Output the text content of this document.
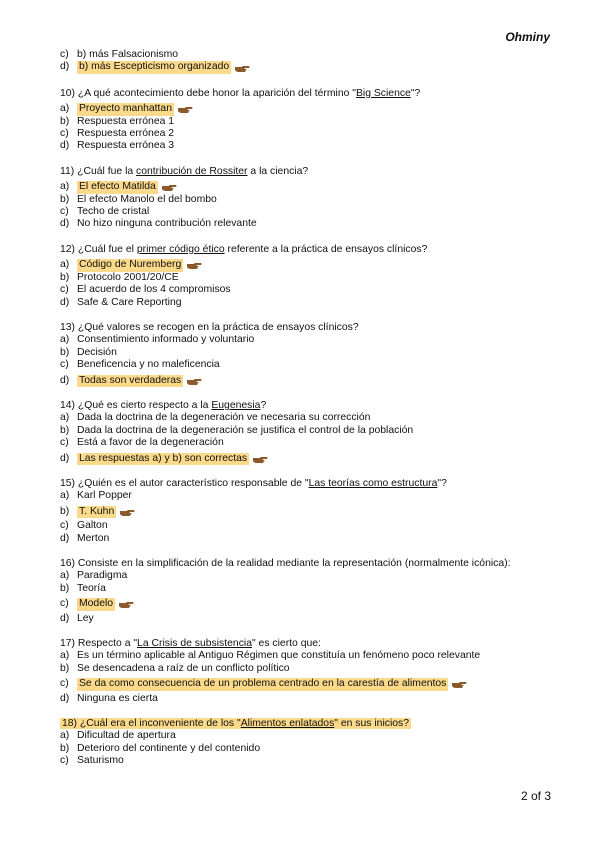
Ohminy
c) b) más Falsacionismo
d) b) más Escepticismo organizado
10) ¿A qué acontecimiento debe honor la aparición del término "Big Science"?
a) Proyecto manhattan
b) Respuesta errónea 1
c) Respuesta errónea 2
d) Respuesta errónea 3
11) ¿Cuál fue la contribución de Rossiter a la ciencia?
a) El efecto Matilda
b) El efecto Manolo el del bombo
c) Techo de cristal
d) No hizo ninguna contribución relevante
12) ¿Cuál fue el primer código ético referente a la práctica de ensayos clínicos?
a) Código de Nuremberg
b) Protocolo 2001/20/CE
c) El acuerdo de los 4 compromisos
d) Safe & Care Reporting
13) ¿Qué valores se recogen en la práctica de ensayos clínicos?
a) Consentimiento informado y voluntario
b) Decisión
c) Beneficencia y no maleficencia
d) Todas son verdaderas
14) ¿Qué es cierto respecto a la Eugenesia?
a) Dada la doctrina de la degeneración ve necesaria su corrección
b) Dada la doctrina de la degeneración se justifica el control de la población
c) Está a favor de la degeneración
d) Las respuestas a) y b) son correctas
15) ¿Quién es el autor característico responsable de "Las teorías como estructura"?
a) Karl Popper
b) T. Kuhn
c) Galton
d) Merton
16) Consiste en la simplificación de la realidad mediante la representación (normalmente icónica):
a) Paradigma
b) Teoría
c) Modelo
d) Ley
17) Respecto a "La Crisis de subsistencia" es cierto que:
a) Es un término aplicable al Antiguo Régimen que constituía un fenómeno poco relevante
b) Se desencadena a raíz de un conflicto político
c) Se da como consecuencia de un problema centrado en la carestía de alimentos
d) Ninguna es cierta
18) ¿Cuál era el inconveniente de los "Alimentos enlatados" en sus inicios?
a) Dificultad de apertura
b) Deterioro del continente y del contenido
c) Saturismo
2 of 3
